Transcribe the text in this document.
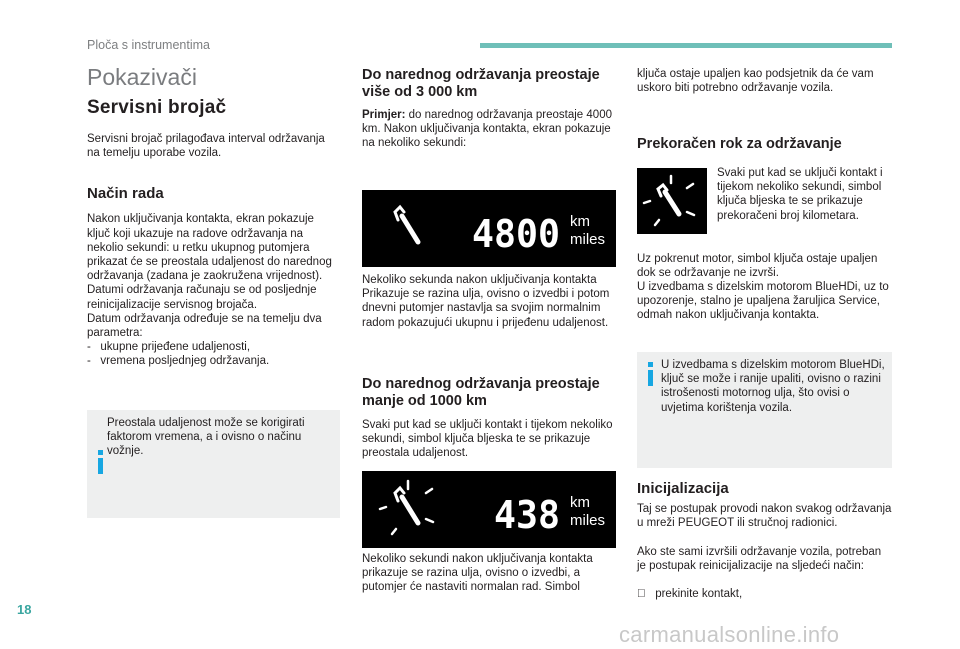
Ploča s instrumentima
Pokazivači
Servisni brojač

Servisni brojač prilagođava interval održavanja na temelju uporabe vozila.

Način rada

Nakon uključivanja kontakta, ekran pokazuje ključ koji ukazuje na radove održavanja na nekolio sekundi: u retku ukupnog putomjera prikazat će se preostala udaljenost do narednog održavanja (zadana je zaokružena vrijednost).

Datumi održavanja računaju se od posljednje reinicijalizacije servisnog brojača.

Datum održavanja određuje se na temelju dva parametra:

-   ukupne prijeđene udaljenosti,

-   vremena posljednjeg održavanja.

Preostala udaljenost može se korigirati faktorom vremena, a i ovisno o načinu vožnje.
Do narednog održavanja preostaje više od 3 000 km

Primjer: do narednog održavanja preostaje 4000 km. Nakon uključivanja kontakta, ekran pokazuje na nekoliko sekundi:

4800 km
miles

Nekoliko sekunda nakon uključivanja kontakta Prikazuje se razina ulja, ovisno o izvedbi i potom dnevni putomjer nastavlja sa svojim normalnim radom pokazujući ukupnu i prijeđenu udaljenost.

Do narednog održavanja preostaje manje od 1000 km

Svaki put kad se uključi kontakt i tijekom nekoliko sekundi, simbol ključa bljeska te se prikazuje preostala udaljenost.

438 km
miles

Nekoliko sekundi nakon uključivanja kontakta prikazuje se razina ulja, ovisno o izvedbi, a putomjer će nastaviti normalan rad. Simbol

ključa ostaje upaljen kao podsjetnik da će vam uskoro biti potrebno održavanje vozila.

Prekoračen rok za održavanje

Svaki put kad se uključi kontakt i tijekom nekoliko sekundi, simbol ključa bljeska te se prikazuje prekoračeni broj kilometara.

Uz pokrenut motor, simbol ključa ostaje upaljen dok se održavanje ne izvrši.

U izvedbama s dizelskim motorom BlueHDi, uz to upozorenje, stalno je upaljena žaruljica Service, odmah nakon uključivanja kontakta.

U izvedbama s dizelskim motorom BlueHDi, ključ se može i ranije upaliti, ovisno o razini istrošenosti motornog ulja, što ovisi o uvjetima korištenja vozila.
Inicijalizacija

Taj se postupak provodi nakon svakog održavanja u mreži PEUGEOT ili stručnoj radionici.

Ako ste sami izvršili održavanje vozila, potreban je postupak reinicijalizacije na sljedeći način:

prekinite kontakt,

18
carmanualsonline.info
